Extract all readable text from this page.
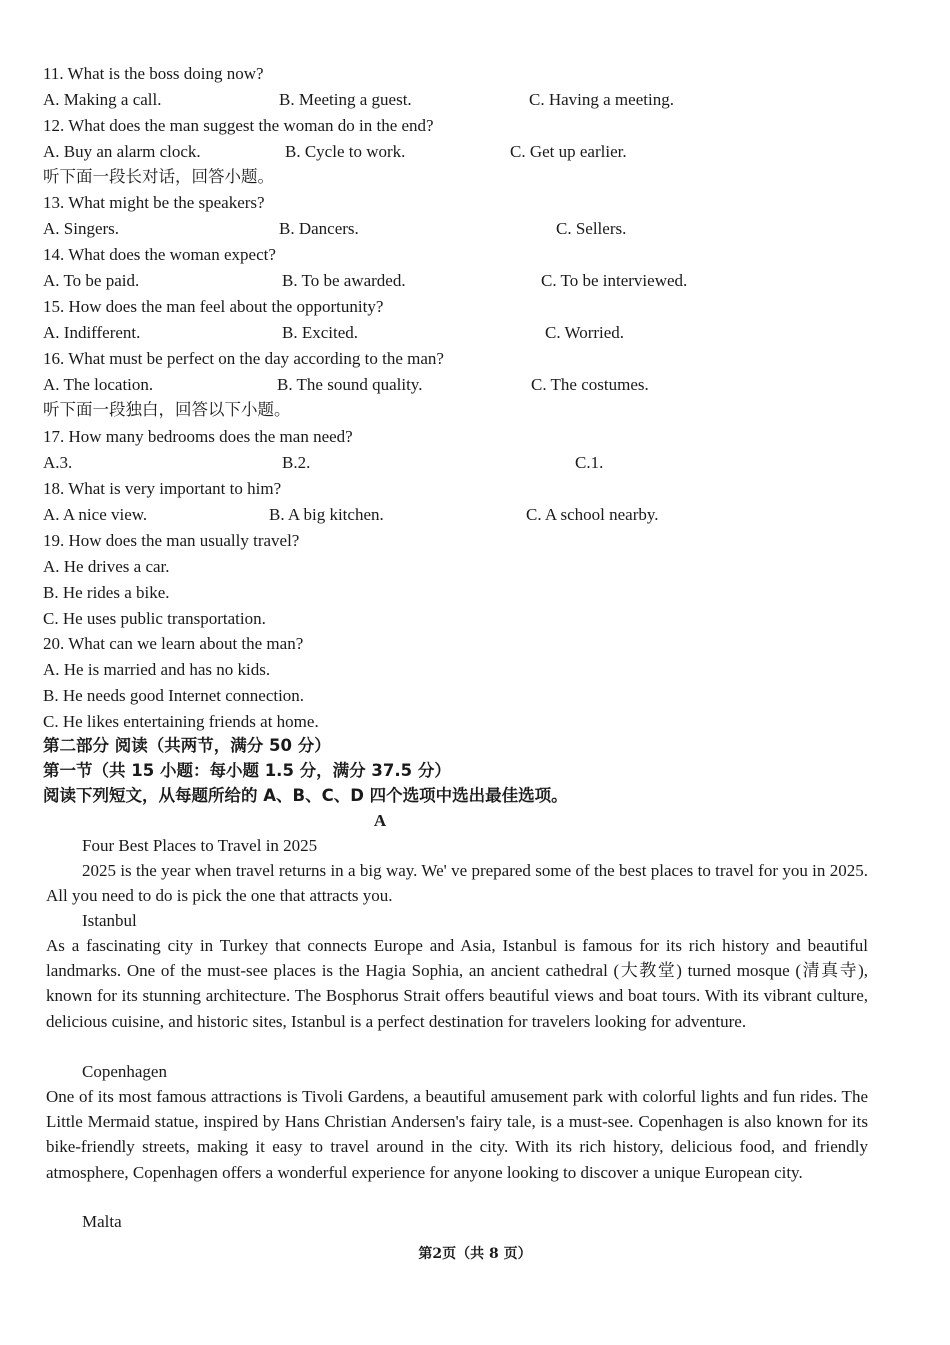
11. What is the boss doing now?
A. Making a call.	B. Meeting a guest.	C. Having a meeting.
12. What does the man suggest the woman do in the end?
A. Buy an alarm clock.	B. Cycle to work.	C. Get up earlier.
听下面一段长对话，回答小题。
13. What might be the speakers?
A. Singers.	B. Dancers.	C. Sellers.
14. What does the woman expect?
A. To be paid.	B. To be awarded.	C. To be interviewed.
15. How does the man feel about the opportunity?
A. Indifferent.	B. Excited.	C. Worried.
16. What must be perfect on the day according to the man?
A. The location.	B. The sound quality.	C. The costumes.
听下面一段独白，回答以下小题。
17. How many bedrooms does the man need?
A.3.	B.2.	C.1.
18. What is very important to him?
A. A nice view.	B. A big kitchen.	C. A school nearby.
19. How does the man usually travel?
A. He drives a car.
B. He rides a bike.
C. He uses public transportation.
20. What can we learn about the man?
A. He is married and has no kids.
B. He needs good Internet connection.
C. He likes entertaining friends at home.
第二部分 阅读（共两节，满分 50 分）
第一节（共 15 小题：每小题 1.5 分，满分 37.5 分）
阅读下列短文，从每题所给的 A、B、C、D 四个选项中选出最佳选项。
A
Four Best Places to Travel in 2025
2025 is the year when travel returns in a big way. We' ve prepared some of the best places to travel for you in 2025. All you need to do is pick the one that attracts you.
Istanbul
As a fascinating city in Turkey that connects Europe and Asia, Istanbul is famous for its rich history and beautiful landmarks. One of the must-see places is the Hagia Sophia, an ancient cathedral (大教堂) turned mosque (清真寺), known for its stunning architecture. The Bosphorus Strait offers beautiful views and boat tours. With its vibrant culture, delicious cuisine, and historic sites, Istanbul is a perfect destination for travelers looking for adventure.
Copenhagen
One of its most famous attractions is Tivoli Gardens, a beautiful amusement park with colorful lights and fun rides. The Little Mermaid statue, inspired by Hans Christian Andersen's fairy tale, is a must-see. Copenhagen is also known for its bike-friendly streets, making it easy to travel around in the city. With its rich history, delicious food, and friendly atmosphere, Copenhagen offers a wonderful experience for anyone looking to discover a unique European city.
Malta
第2页（共 8 页）
